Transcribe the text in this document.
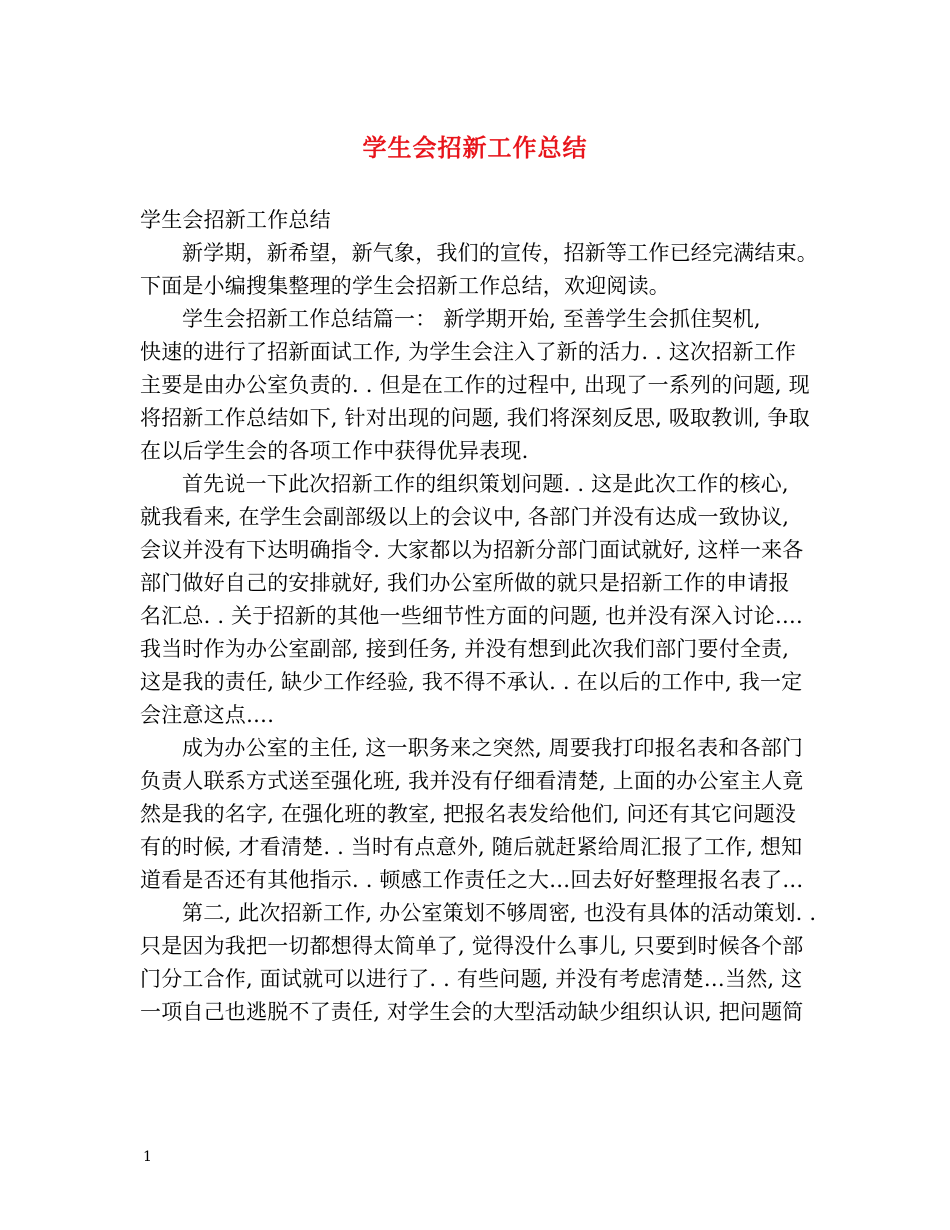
学生会招新工作总结
学生会招新工作总结
新学期，新希望，新气象，我们的宣传，招新等工作已经完满结束。
下面是小编搜集整理的学生会招新工作总结，欢迎阅读。
学生会招新工作总结篇一： 新学期开始, 至善学生会抓住契机,
快速的进行了招新面试工作, 为学生会注入了新的活力. . 这次招新工作
主要是由办公室负责的. . 但是在工作的过程中, 出现了一系列的问题, 现
将招新工作总结如下, 针对出现的问题, 我们将深刻反思, 吸取教训, 争取
在以后学生会的各项工作中获得优异表现.
首先说一下此次招新工作的组织策划问题. . 这是此次工作的核心,
就我看来, 在学生会副部级以上的会议中, 各部门并没有达成一致协议,
会议并没有下达明确指令. 大家都以为招新分部门面试就好, 这样一来各
部门做好自己的安排就好, 我们办公室所做的就只是招新工作的申请报
名汇总. . 关于招新的其他一些细节性方面的问题, 也并没有深入讨论….
我当时作为办公室副部, 接到任务, 并没有想到此次我们部门要付全责,
这是我的责任, 缺少工作经验, 我不得不承认. . 在以后的工作中, 我一定
会注意这点….
成为办公室的主任, 这一职务来之突然, 周要我打印报名表和各部门
负责人联系方式送至强化班, 我并没有仔细看清楚, 上面的办公室主人竟
然是我的名字, 在强化班的教室, 把报名表发给他们, 问还有其它问题没
有的时候, 才看清楚. . 当时有点意外, 随后就赶紧给周汇报了工作, 想知
道看是否还有其他指示. . 顿感工作责任之大…回去好好整理报名表了…
第二, 此次招新工作, 办公室策划不够周密, 也没有具体的活动策划. .
只是因为我把一切都想得太简单了, 觉得没什么事儿, 只要到时候各个部
门分工合作, 面试就可以进行了. . 有些问题, 并没有考虑清楚…当然, 这
一项自己也逃脱不了责任, 对学生会的大型活动缺少组织认识, 把问题简
1
